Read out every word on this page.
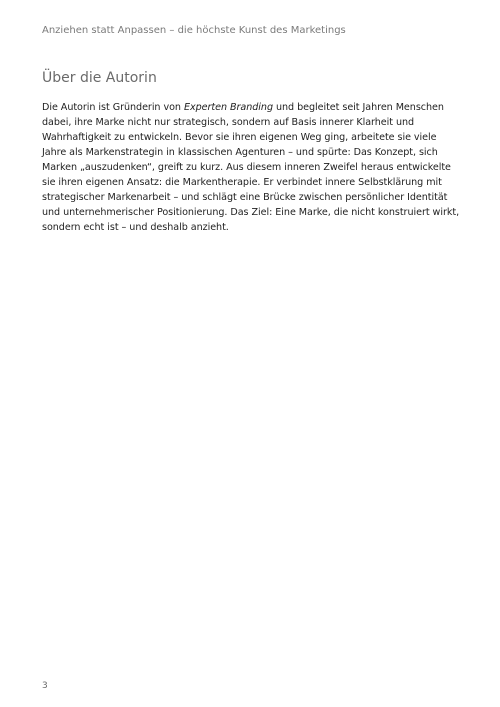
Anziehen statt Anpassen – die höchste Kunst des Marketings
Über die Autorin

Die Autorin ist Gründerin von Experten Branding und begleitet seit Jahren Menschen dabei, ihre Marke nicht nur strategisch, sondern auf Basis innerer Klarheit und Wahrhaftigkeit zu entwickeln. Bevor sie ihren eigenen Weg ging, arbeitete sie viele Jahre als Markenstrategin in klassischen Agenturen – und spürte: Das Konzept, sich Marken „auszudenken“, greift zu kurz. Aus diesem inneren Zweifel heraus entwickelte sie ihren eigenen Ansatz: die Markentherapie. Er verbindet innere Selbstklärung mit strategischer Markenarbeit – und schlägt eine Brücke zwischen persönlicher Identität und unternehmerischer Positionierung. Das Ziel: Eine Marke, die nicht konstruiert wirkt, sondern echt ist – und deshalb anzieht.

3
